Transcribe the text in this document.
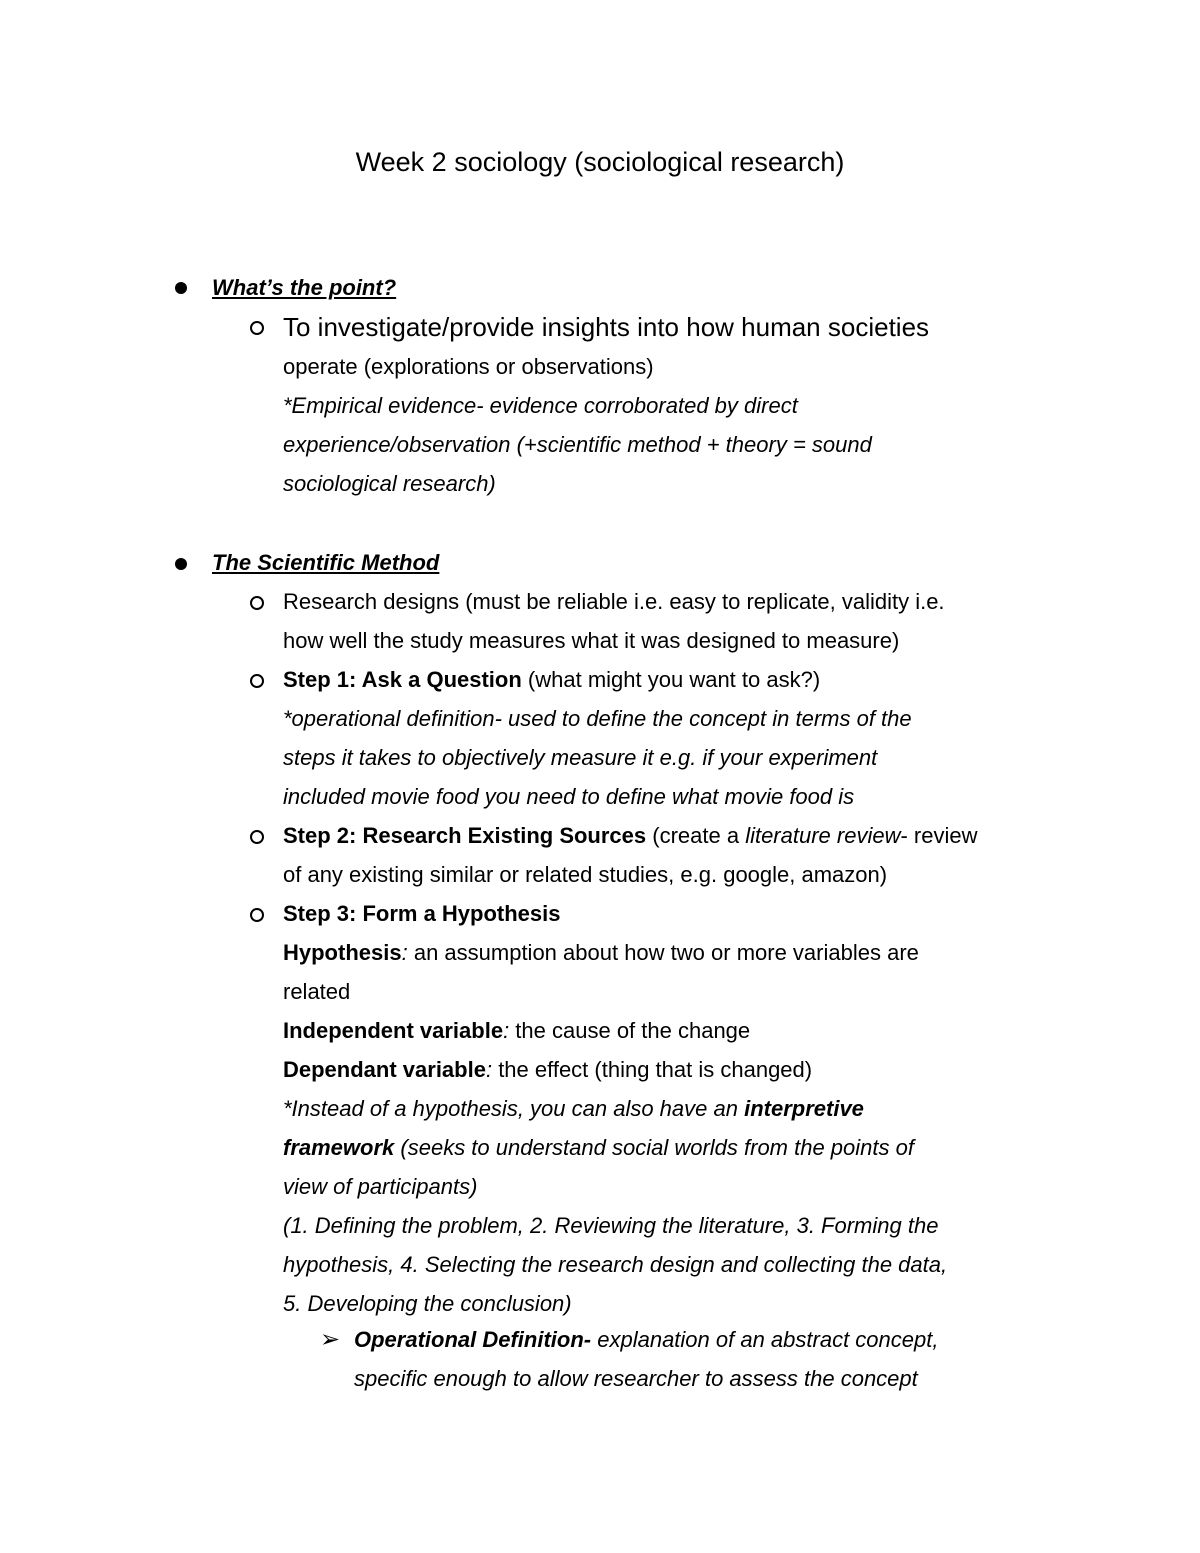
Week 2 sociology (sociological research)
What’s the point?
To investigate/provide insights into how human societies
operate (explorations or observations)
*Empirical evidence- evidence corroborated by direct
experience/observation (+scientific method + theory = sound
sociological research)
The Scientific Method
Research designs (must be reliable i.e. easy to replicate, validity i.e.
how well the study measures what it was designed to measure)
Step 1: Ask a Question (what might you want to ask?)
*operational definition- used to define the concept in terms of the
steps it takes to objectively measure it e.g. if your experiment
included movie food you need to define what movie food is
Step 2: Research Existing Sources (create a literature review- review
of any existing similar or related studies, e.g. google, amazon)
Step 3: Form a Hypothesis
Hypothesis: an assumption about how two or more variables are
related
Independent variable: the cause of the change
Dependant variable: the effect (thing that is changed)
*Instead of a hypothesis, you can also have an interpretive
framework (seeks to understand social worlds from the points of
view of participants)
(1. Defining the problem, 2. Reviewing the literature, 3. Forming the
hypothesis, 4. Selecting the research design and collecting the data,
5. Developing the conclusion)
➢ Operational Definition- explanation of an abstract concept,
specific enough to allow researcher to assess the concept
